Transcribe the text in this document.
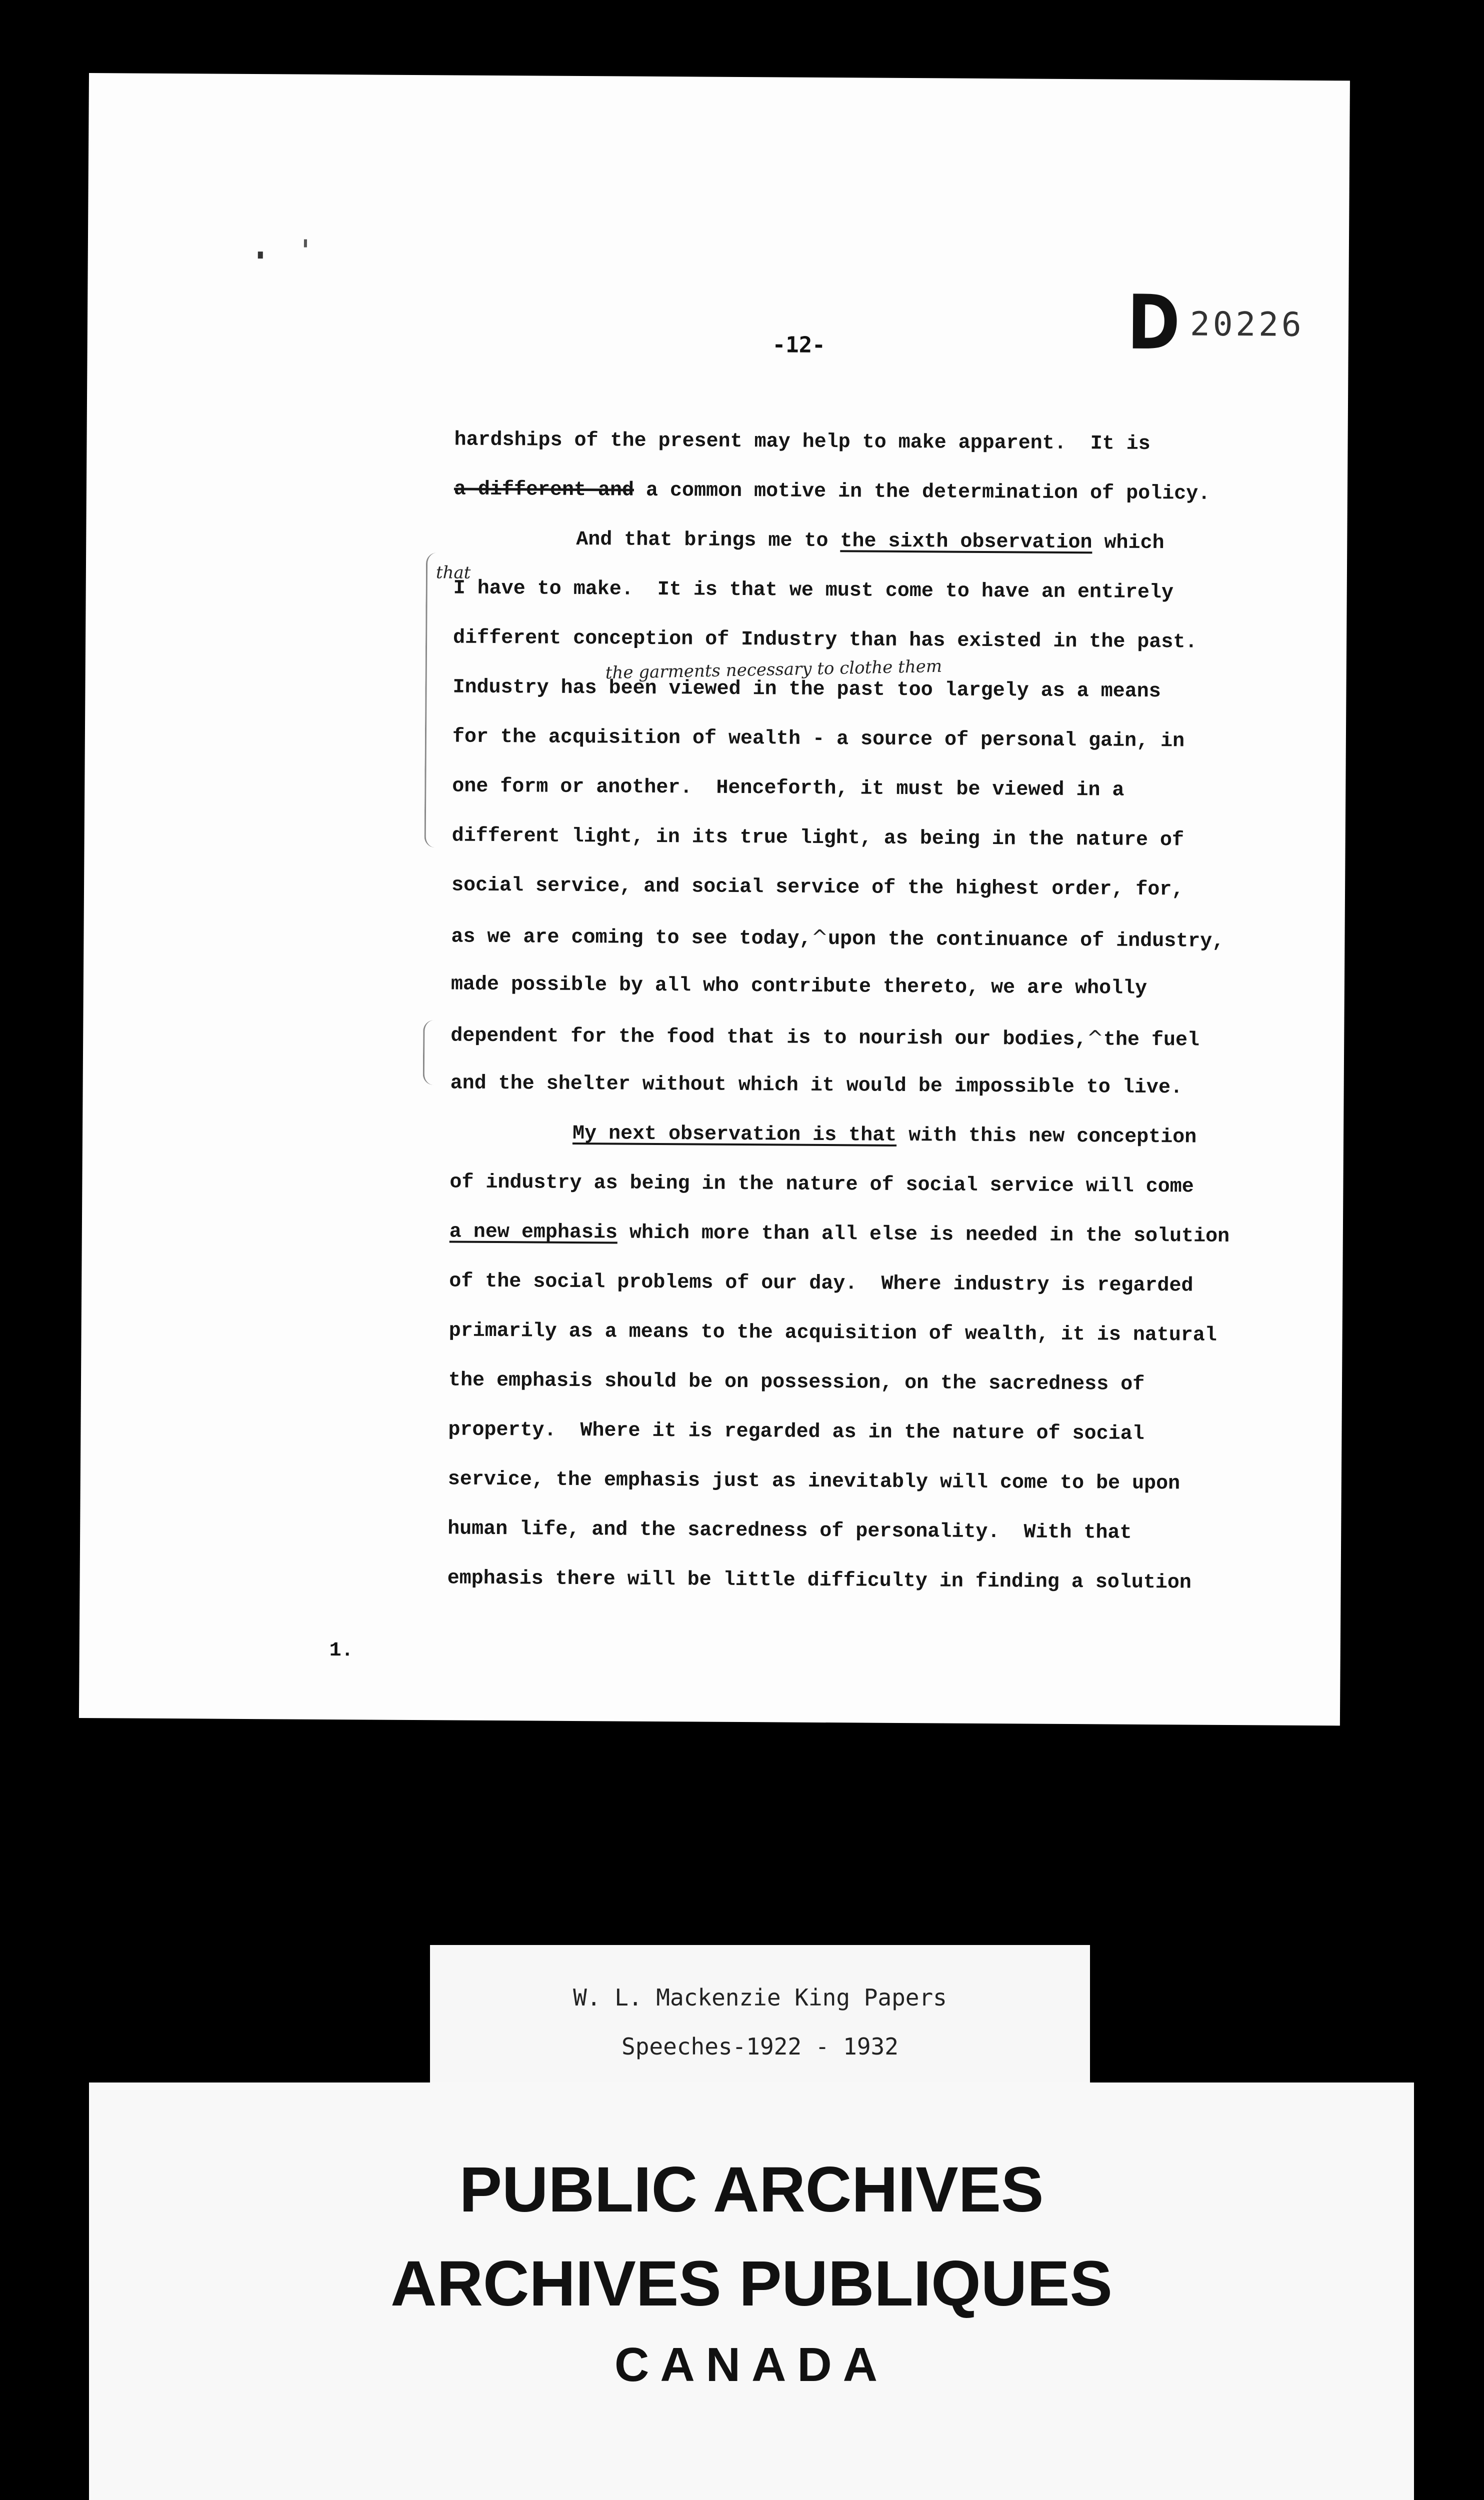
D 20226
-12-
that
the garments necessary to clothe them
hardships of the present may help to make apparent.  It is
a different and a common motive in the determination of policy.
And that brings me to the sixth observation which
I have to make.  It is that we must come to have an entirely
different conception of Industry than has existed in the past.
Industry has been viewed in the past too largely as a means
for the acquisition of wealth - a source of personal gain, in
one form or another.  Henceforth, it must be viewed in a
different light, in its true light, as being in the nature of
social service, and social service of the highest order, for,
as we are coming to see today,^upon the continuance of industry,
made possible by all who contribute thereto, we are wholly
dependent for the food that is to nourish our bodies,^the fuel
and the shelter without which it would be impossible to live.
My next observation is that with this new conception
of industry as being in the nature of social service will come
a new emphasis which more than all else is needed in the solution
of the social problems of our day.  Where industry is regarded
primarily as a means to the acquisition of wealth, it is natural
the emphasis should be on possession, on the sacredness of
property.  Where it is regarded as in the nature of social
service, the emphasis just as inevitably will come to be upon
human life, and the sacredness of personality.  With that
emphasis there will be little difficulty in finding a solution
1.
W. L. Mackenzie King Papers
Speeches-1922 - 1932
PUBLIC ARCHIVES
ARCHIVES PUBLIQUES
CANADA
